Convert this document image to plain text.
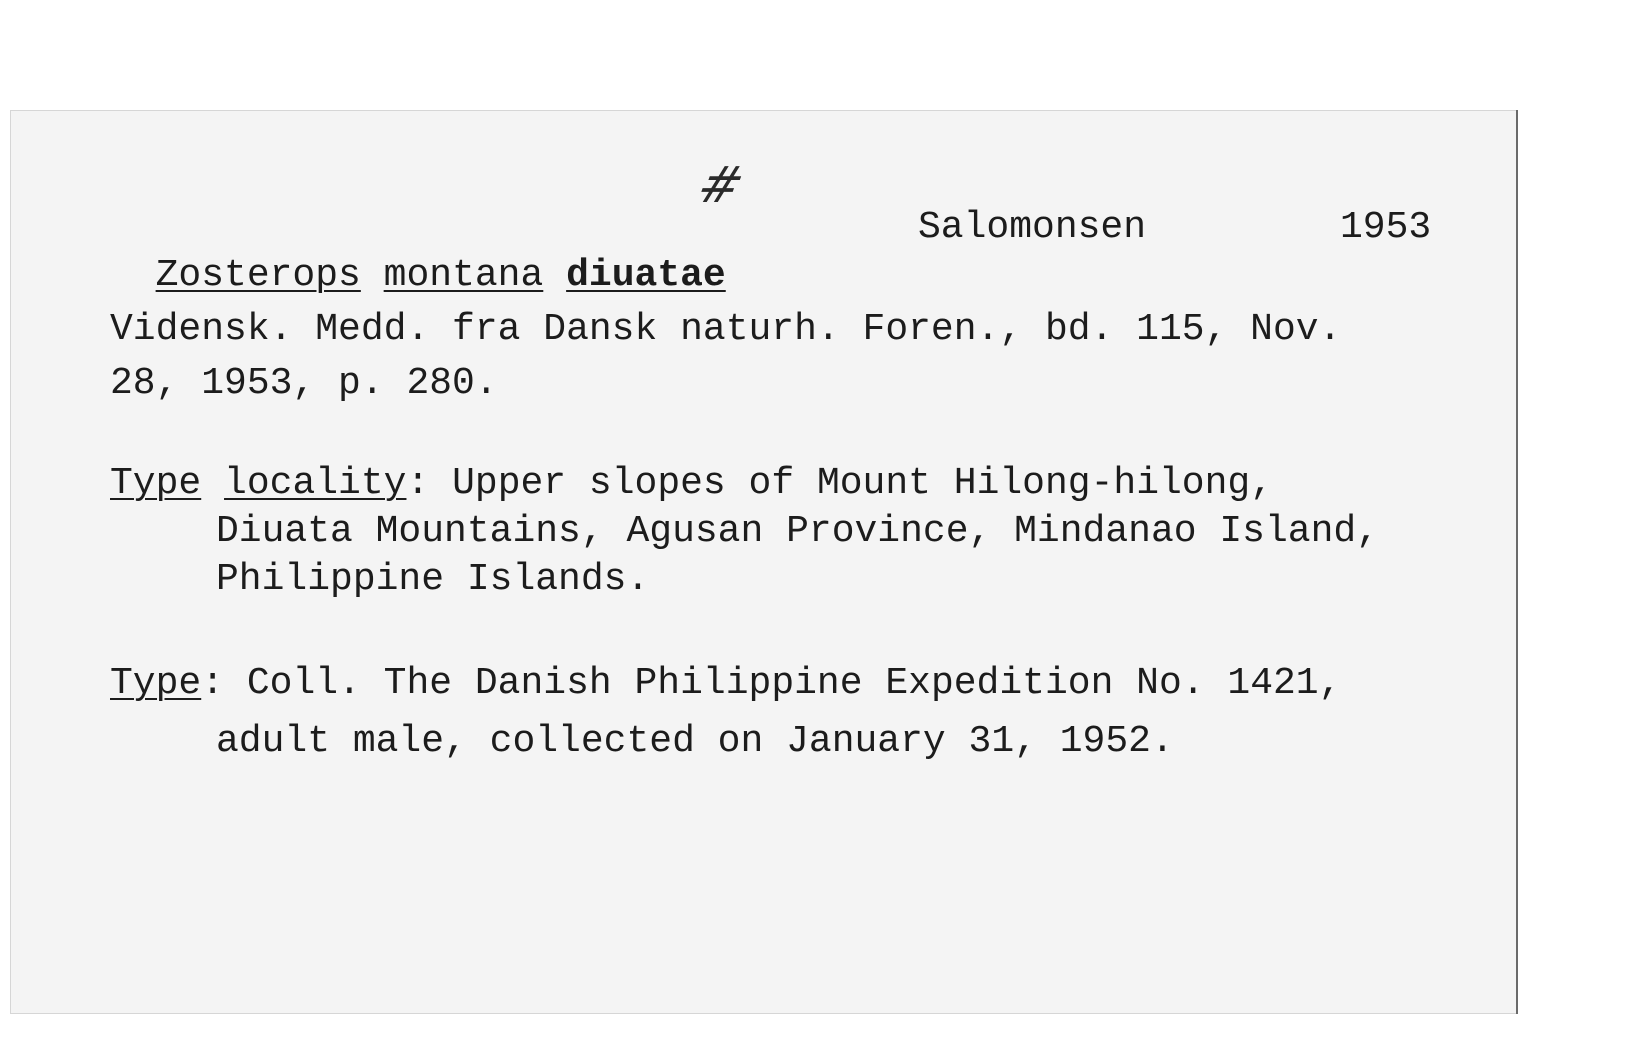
#

Zosterops montana diuatae

Salomonsen	1953
Vidensk. Medd. fra Dansk naturh. Foren., bd. 115, Nov.
28, 1953, p. 280.
Type locality: Upper slopes of Mount Hilong-hilong,
Diuata Mountains, Agusan Province, Mindanao Island,
Philippine Islands.
Type: Coll. The Danish Philippine Expedition No. 1421,
adult male, collected on January 31, 1952.
